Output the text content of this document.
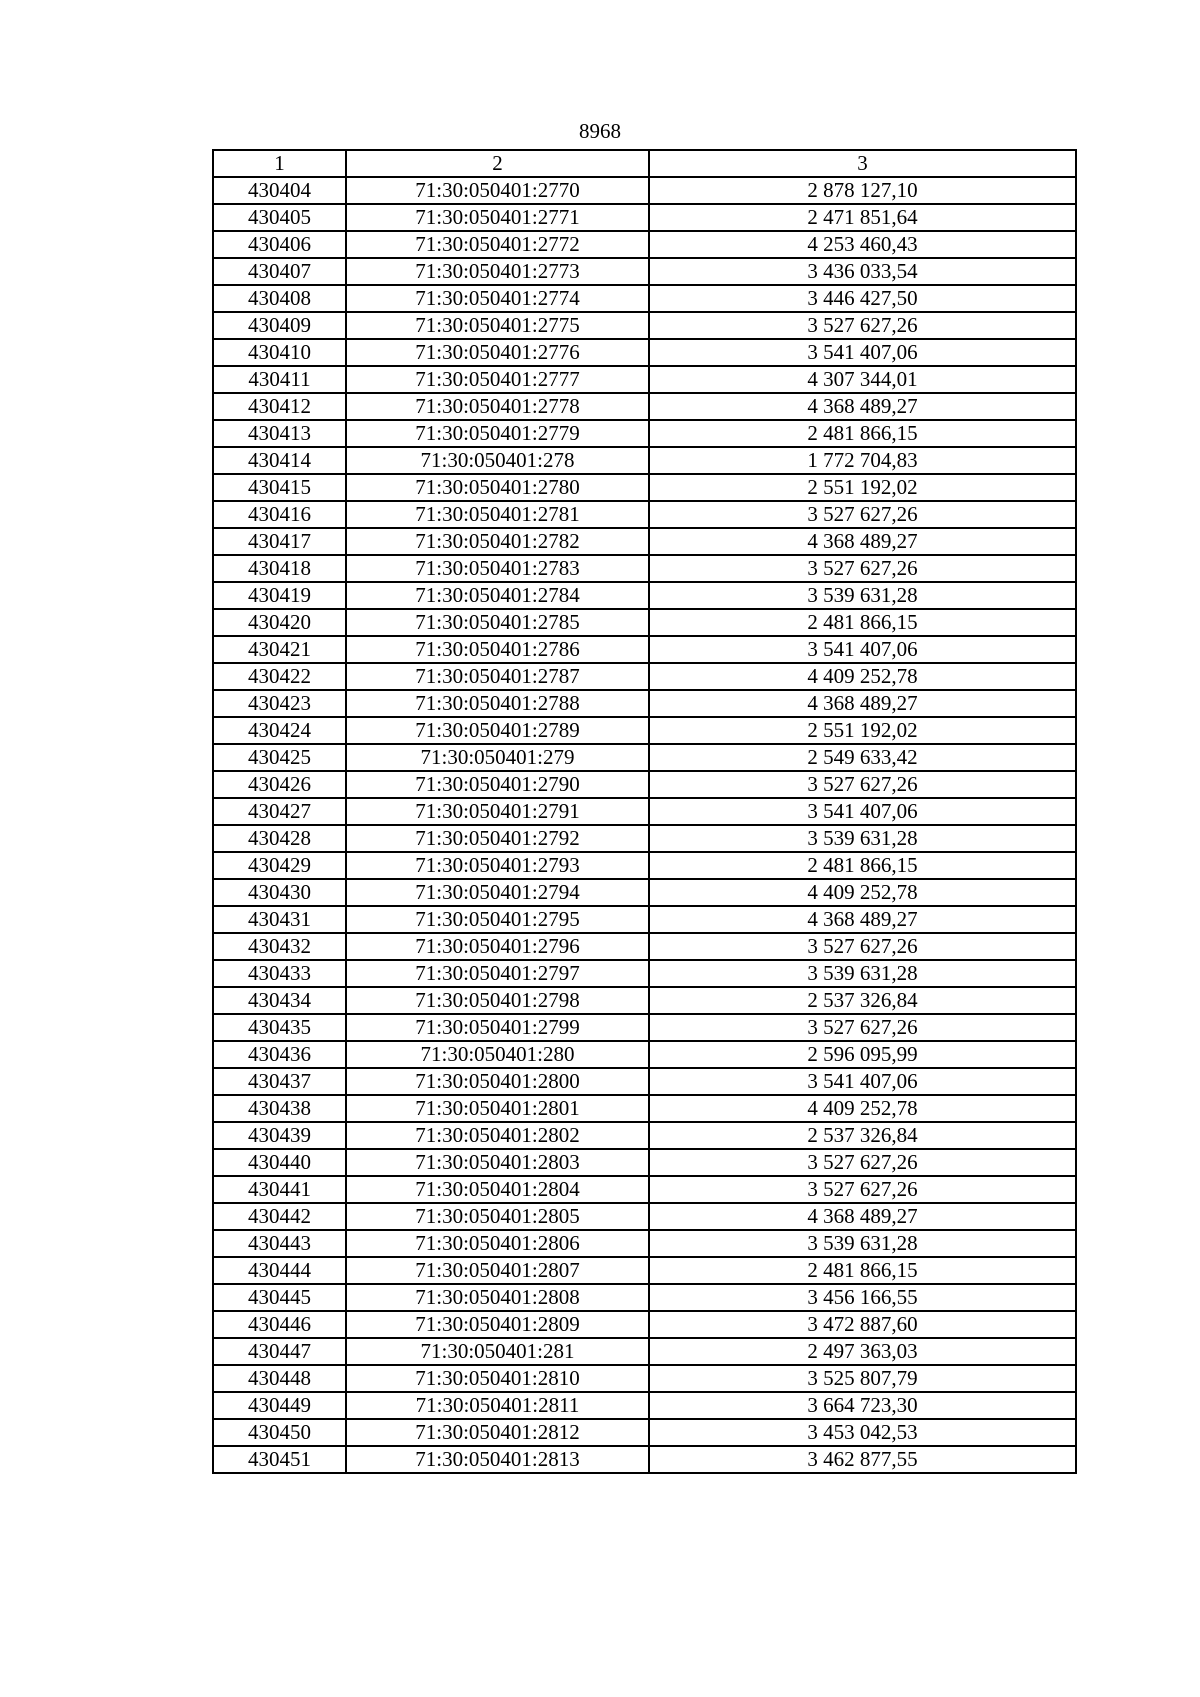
8968
1	2	3
430404	71:30:050401:2770	2 878 127,10
430405	71:30:050401:2771	2 471 851,64
430406	71:30:050401:2772	4 253 460,43
430407	71:30:050401:2773	3 436 033,54
430408	71:30:050401:2774	3 446 427,50
430409	71:30:050401:2775	3 527 627,26
430410	71:30:050401:2776	3 541 407,06
430411	71:30:050401:2777	4 307 344,01
430412	71:30:050401:2778	4 368 489,27
430413	71:30:050401:2779	2 481 866,15
430414	71:30:050401:278	1 772 704,83
430415	71:30:050401:2780	2 551 192,02
430416	71:30:050401:2781	3 527 627,26
430417	71:30:050401:2782	4 368 489,27
430418	71:30:050401:2783	3 527 627,26
430419	71:30:050401:2784	3 539 631,28
430420	71:30:050401:2785	2 481 866,15
430421	71:30:050401:2786	3 541 407,06
430422	71:30:050401:2787	4 409 252,78
430423	71:30:050401:2788	4 368 489,27
430424	71:30:050401:2789	2 551 192,02
430425	71:30:050401:279	2 549 633,42
430426	71:30:050401:2790	3 527 627,26
430427	71:30:050401:2791	3 541 407,06
430428	71:30:050401:2792	3 539 631,28
430429	71:30:050401:2793	2 481 866,15
430430	71:30:050401:2794	4 409 252,78
430431	71:30:050401:2795	4 368 489,27
430432	71:30:050401:2796	3 527 627,26
430433	71:30:050401:2797	3 539 631,28
430434	71:30:050401:2798	2 537 326,84
430435	71:30:050401:2799	3 527 627,26
430436	71:30:050401:280	2 596 095,99
430437	71:30:050401:2800	3 541 407,06
430438	71:30:050401:2801	4 409 252,78
430439	71:30:050401:2802	2 537 326,84
430440	71:30:050401:2803	3 527 627,26
430441	71:30:050401:2804	3 527 627,26
430442	71:30:050401:2805	4 368 489,27
430443	71:30:050401:2806	3 539 631,28
430444	71:30:050401:2807	2 481 866,15
430445	71:30:050401:2808	3 456 166,55
430446	71:30:050401:2809	3 472 887,60
430447	71:30:050401:281	2 497 363,03
430448	71:30:050401:2810	3 525 807,79
430449	71:30:050401:2811	3 664 723,30
430450	71:30:050401:2812	3 453 042,53
430451	71:30:050401:2813	3 462 877,55
